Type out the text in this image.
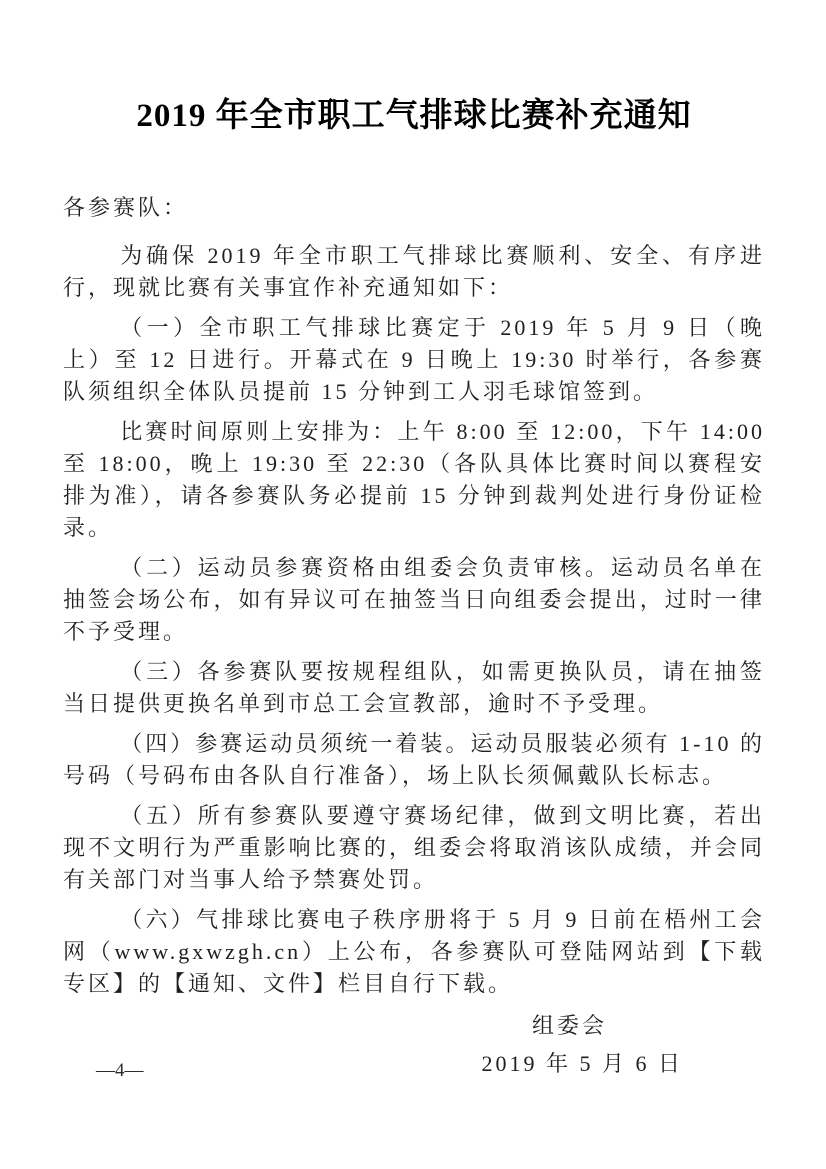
2019 年全市职工气排球比赛补充通知
各参赛队：

为确保 2019 年全市职工气排球比赛顺利、安全、有序进行，现就比赛有关事宜作补充通知如下：

（一）全市职工气排球比赛定于 2019 年 5 月 9 日（晚上）至 12 日进行。开幕式在 9 日晚上 19:30 时举行，各参赛队须组织全体队员提前 15 分钟到工人羽毛球馆签到。

比赛时间原则上安排为：上午 8:00 至 12:00，下午 14:00 至 18:00，晚上 19:30 至 22:30（各队具体比赛时间以赛程安排为准），请各参赛队务必提前 15 分钟到裁判处进行身份证检录。

（二）运动员参赛资格由组委会负责审核。运动员名单在抽签会场公布，如有异议可在抽签当日向组委会提出，过时一律不予受理。

（三）各参赛队要按规程组队，如需更换队员，请在抽签当日提供更换名单到市总工会宣教部，逾时不予受理。

（四）参赛运动员须统一着装。运动员服装必须有 1-10 的号码（号码布由各队自行准备），场上队长须佩戴队长标志。

（五）所有参赛队要遵守赛场纪律，做到文明比赛，若出现不文明行为严重影响比赛的，组委会将取消该队成绩，并会同有关部门对当事人给予禁赛处罚。

（六）气排球比赛电子秩序册将于 5 月 9 日前在梧州工会网（www.gxwzgh.cn）上公布，各参赛队可登陆网站到【下载专区】的【通知、文件】栏目自行下载。

组委会
2019 年 5 月 6 日
—4—
